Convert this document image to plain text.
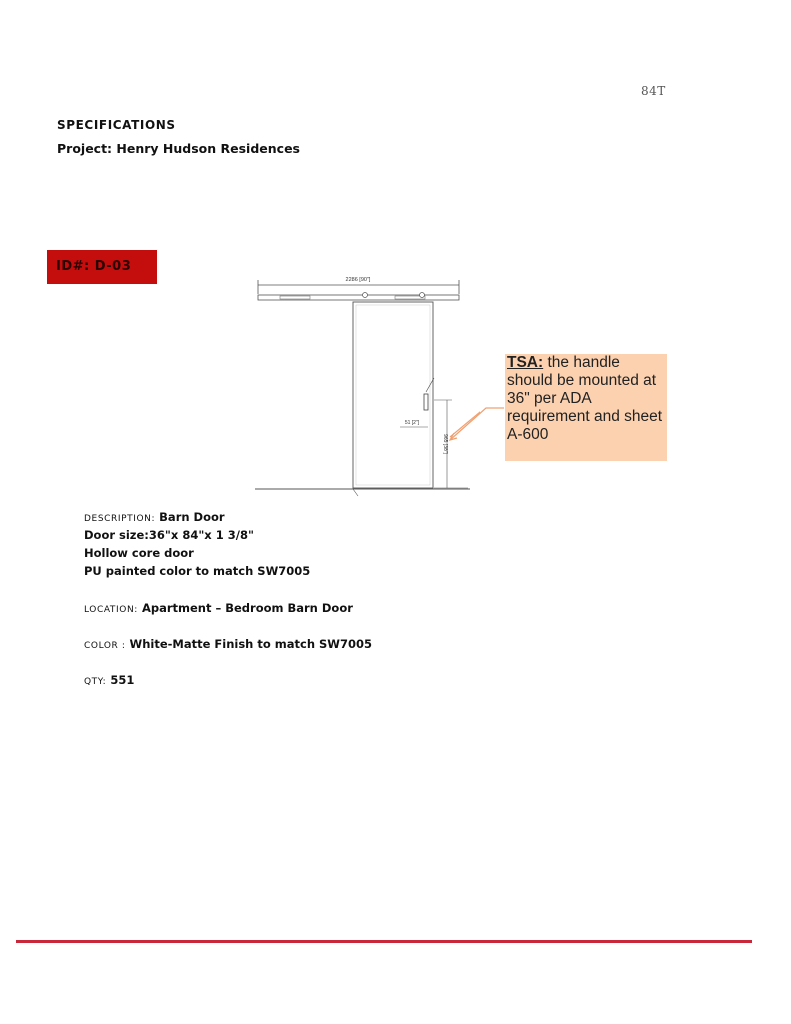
84T
SPECIFICATIONS
Project: Henry Hudson Residences
ID#: D-03
2286 [90"]
51 [2"]
965 [38"]
TSA: the handle should be mounted at 36" per ADA requirement and sheet A-600
DESCRIPTION: Barn Door
Door size:36"x 84"x 1 3/8"
Hollow core door
PU painted color to match SW7005
LOCATION: Apartment – Bedroom Barn Door
COLOR : White-Matte Finish to match SW7005
QTY: 551
